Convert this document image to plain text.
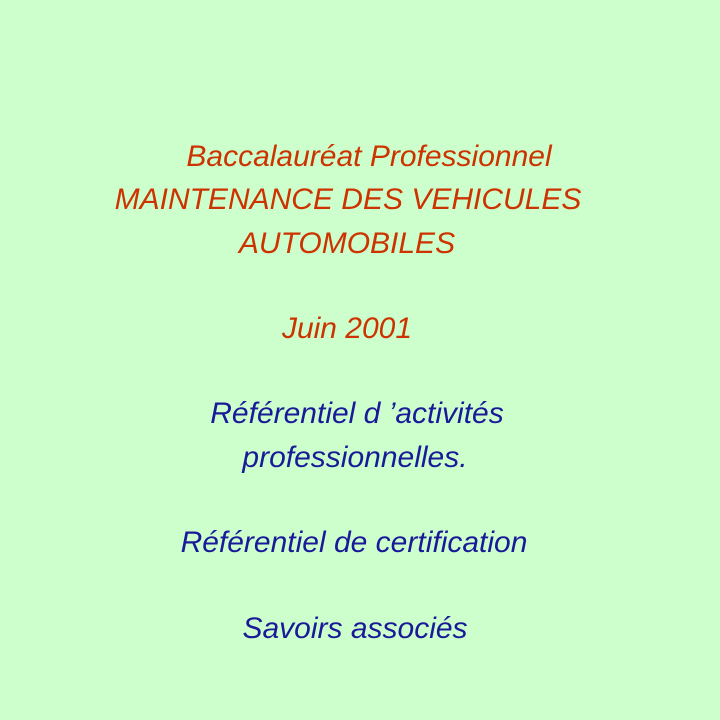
Baccalauréat Professionnel
MAINTENANCE DES VEHICULES
AUTOMOBILES
Juin 2001
Référentiel d ’activités
professionnelles.
Référentiel de certification
Savoirs associés
